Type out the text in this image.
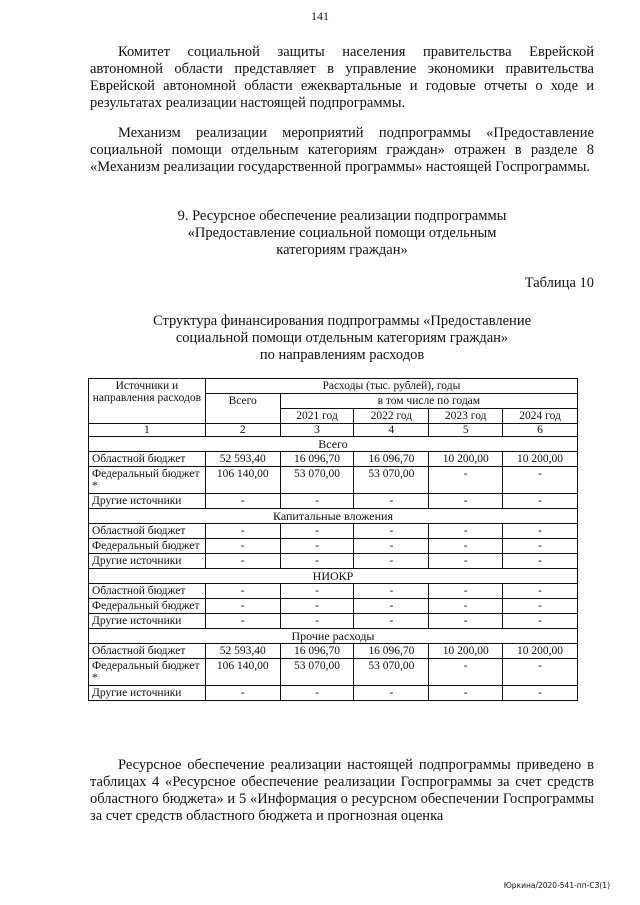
141

Комитет социальной защиты населения правительства Еврейской автономной области представляет в управление экономики правительства Еврейской автономной области ежеквартальные и годовые отчеты о ходе и результатах реализации настоящей подпрограммы.

Механизм реализации мероприятий подпрограммы «Предоставление социальной помощи отдельным категориям граждан» отражен в разделе 8 «Механизм реализации государственной программы» настоящей Госпрограммы.

9. Ресурсное обеспечение реализации подпрограммы
«Предоставление социальной помощи отдельным
категориям граждан»
Таблица 10
Структура финансирования подпрограммы «Предоставление
социальной помощи отдельным категориям граждан»
по направлениям расходов
Источники и направления расходов	Расходы (тыс. рублей), годы				
	Всего	в том числе по годам			
		2021 год	2022 год	2023 год	2024 год
1	2	3	4	5	6
Всего					
Областной бюджет	52 593,40	16 096,70	16 096,70	10 200,00	10 200,00
Федеральный бюджет *	106 140,00	53 070,00	53 070,00	-	-
Другие источники	-	-	-	-	-
Капитальные вложения					
Областной бюджет	-	-	-	-	-
Федеральный бюджет	-	-	-	-	-
Другие источники	-	-	-	-	-
НИОКР					
Областной бюджет	-	-	-	-	-
Федеральный бюджет	-	-	-	-	-
Другие источники	-	-	-	-	-
Прочие расходы					
Областной бюджет	52 593,40	16 096,70	16 096,70	10 200,00	10 200,00
Федеральный бюджет *	106 140,00	53 070,00	53 070,00	-	-
Другие источники	-	-	-	-	-

Ресурсное обеспечение реализации настоящей подпрограммы приведено в таблицах 4 «Ресурсное обеспечение реализации Госпрограммы за счет средств областного бюджета» и 5 «Информация о ресурсном обеспечении Госпрограммы за счет средств областного бюджета и прогнозная оценка

Юркина/2020-541-пп-СЗ(1)
